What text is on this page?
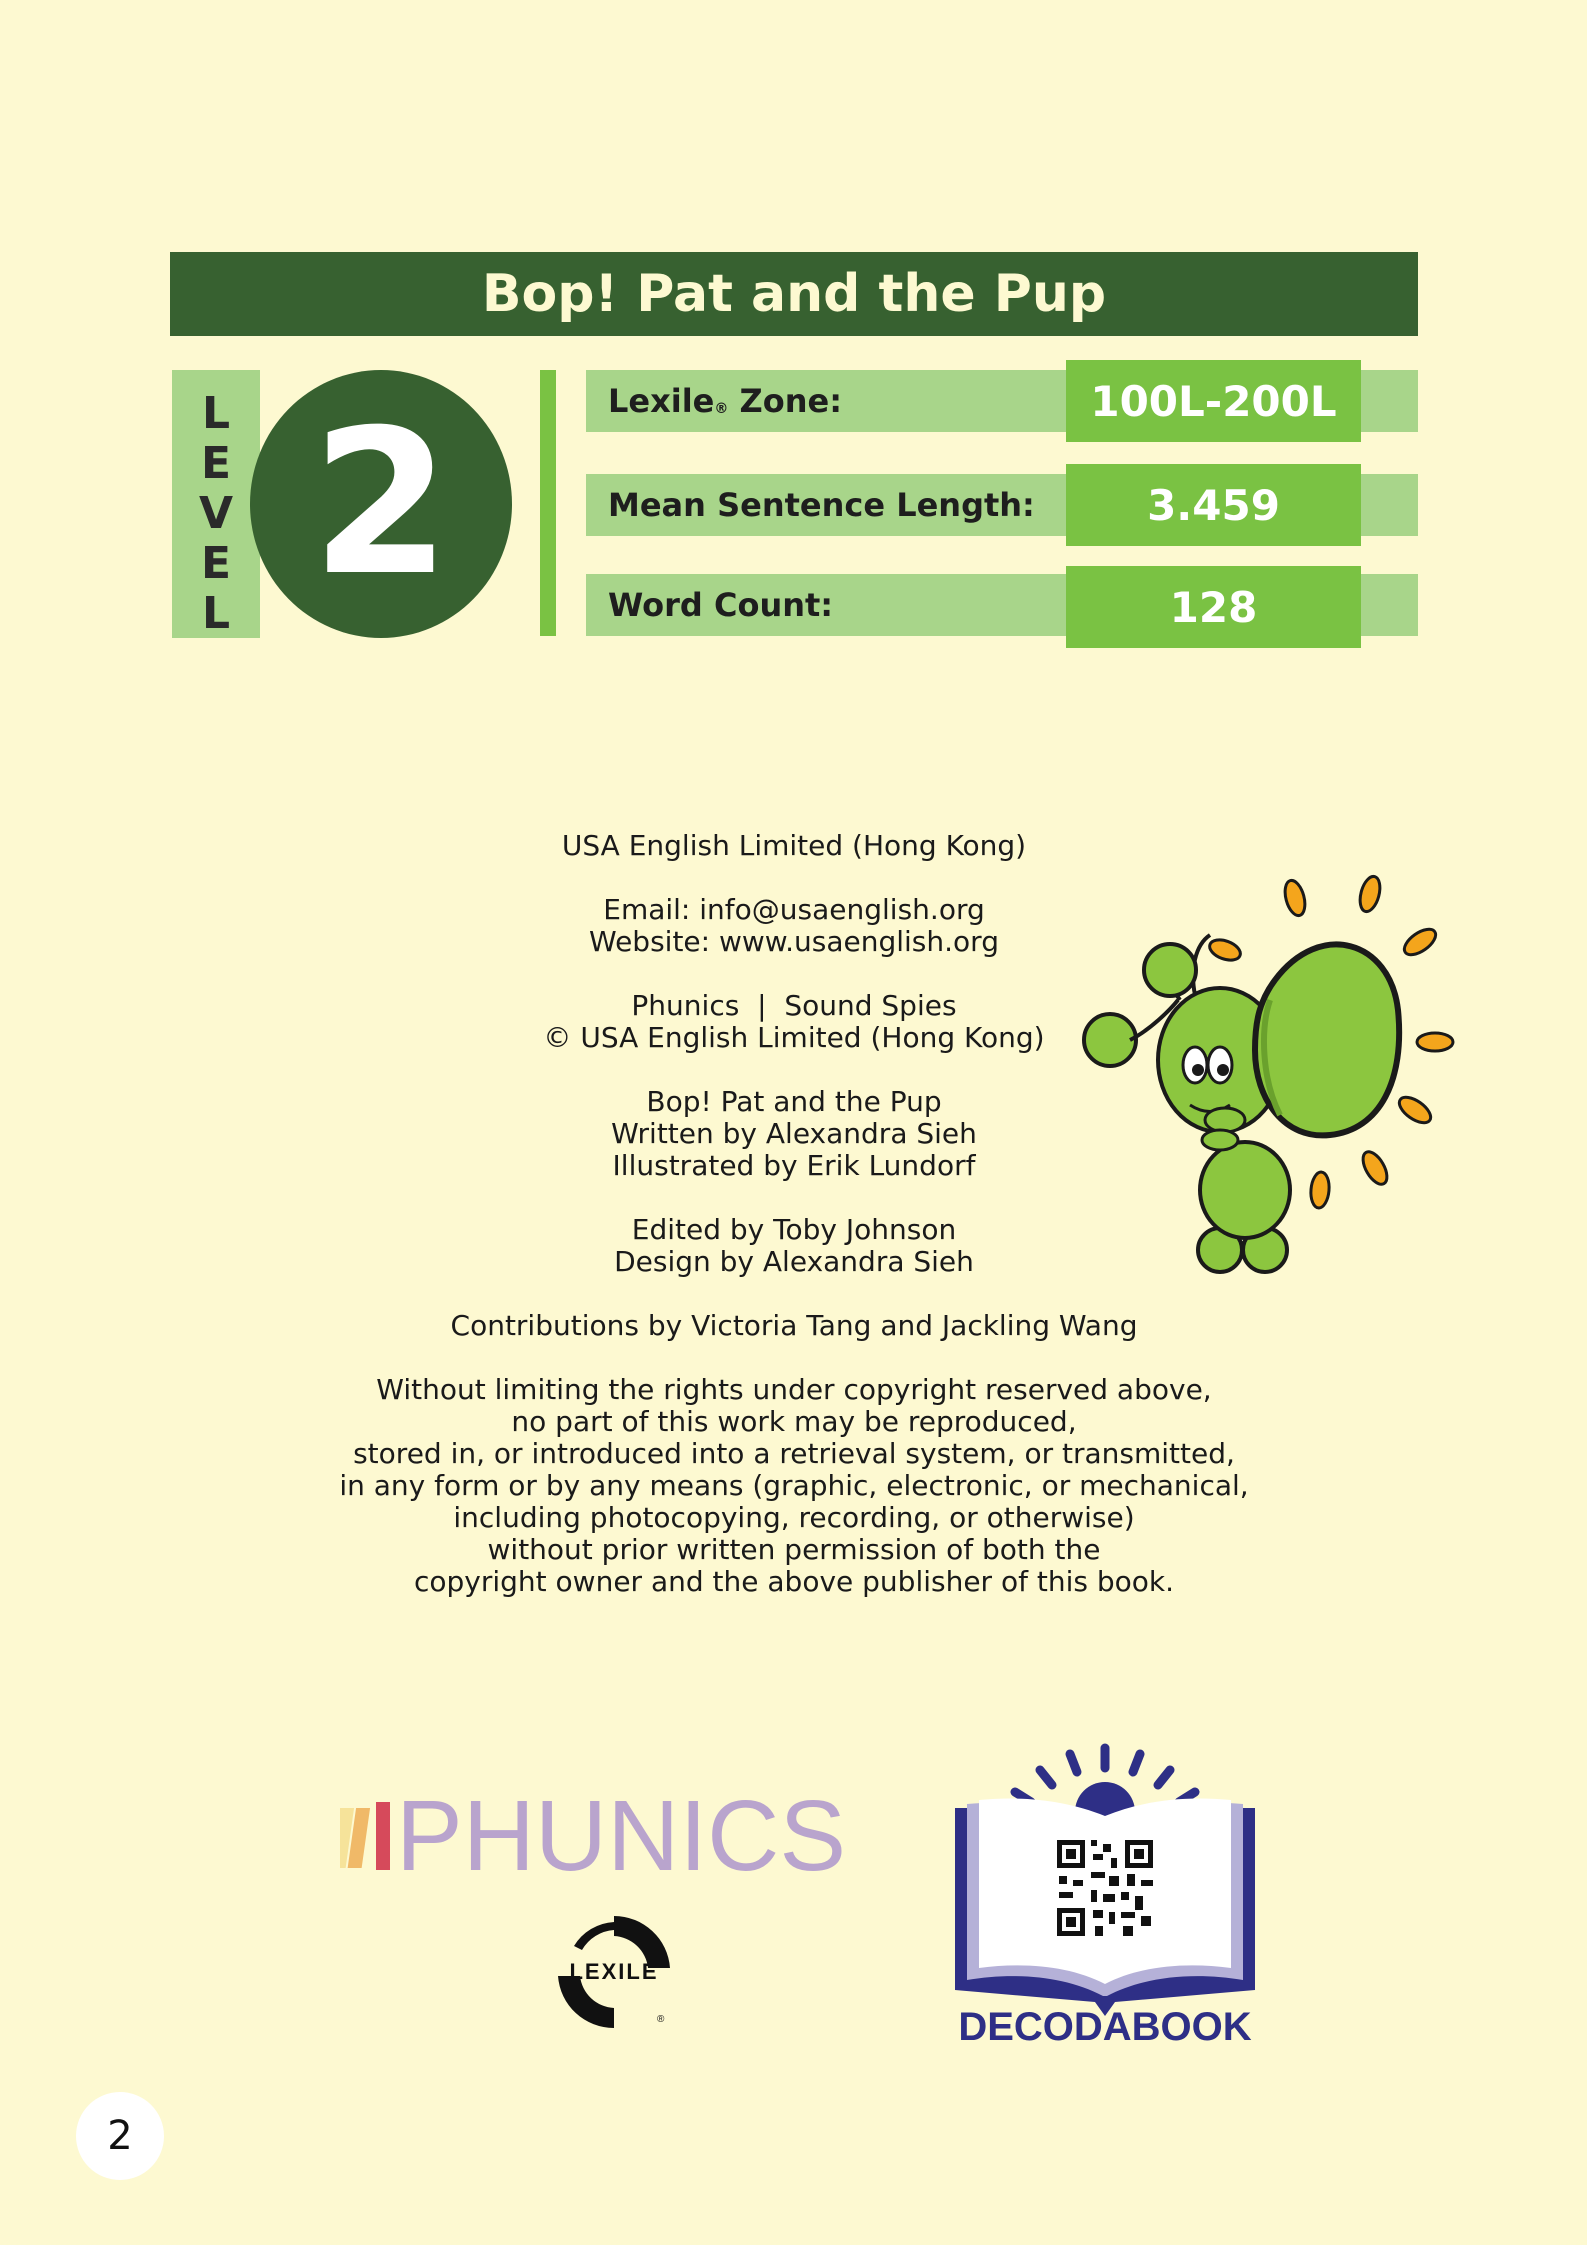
Bop! Pat and the Pup
L
E
V
E
L 2	Lexile® Zone:	100L-200L
Mean Sentence Length:	3.459
Word Count:	128

USA English Limited (Hong Kong)

Email: info@usaenglish.org

Website: www.usaenglish.org

Phunics  |  Sound Spies

© USA English Limited (Hong Kong)

Bop! Pat and the Pup

Written by Alexandra Sieh

Illustrated by Erik Lundorf

Edited by Toby Johnson

Design by Alexandra Sieh

Contributions by Victoria Tang and Jackling Wang

Without limiting the rights under copyright reserved above,

no part of this work may be reproduced,

stored in, or introduced into a retrieval system, or transmitted,

in any form or by any means (graphic, electronic, or mechanical,

including photocopying, recording, or otherwise)

without prior written permission of both the

copyright owner and the above publisher of this book.

PHUNICS
LEXILE
®	DECODABOOK
2
